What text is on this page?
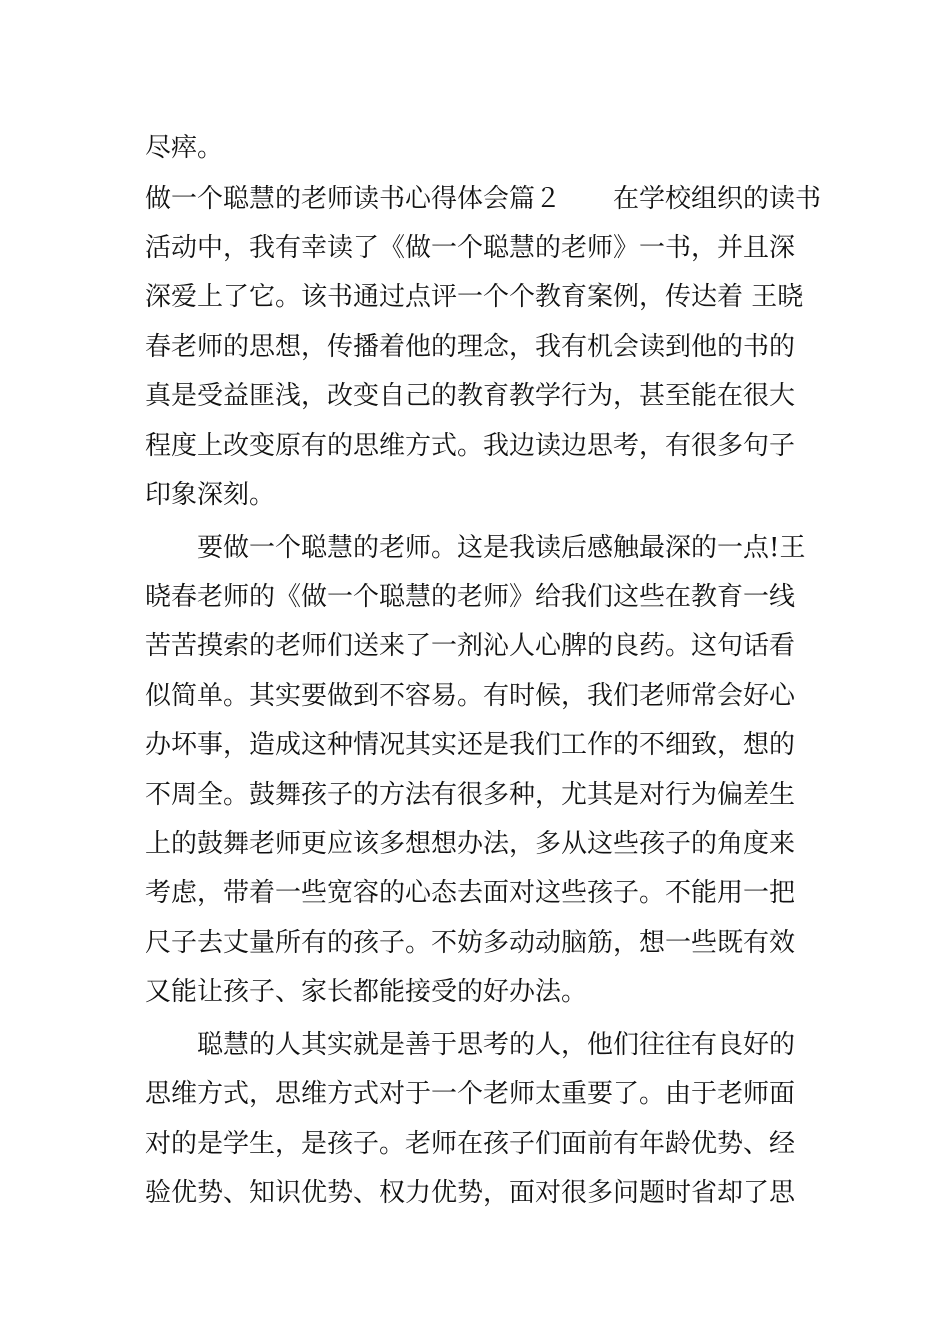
尽瘁。
做一个聪慧的老师读书心得体会篇２　　在学校组织的读书
活动中，我有幸读了《做一个聪慧的老师》一书，并且深
深爱上了它。该书通过点评一个个教育案例，传达着 王晓
春老师的思想，传播着他的理念，我有机会读到他的书的
真是受益匪浅，改变自己的教育教学行为，甚至能在很大
程度上改变原有的思维方式。我边读边思考，有很多句子
印象深刻。
　　要做一个聪慧的老师。这是我读后感触最深的一点!王
晓春老师的《做一个聪慧的老师》给我们这些在教育一线
苦苦摸索的老师们送来了一剂沁人心脾的良药。这句话看
似简单。其实要做到不容易。有时候，我们老师常会好心
办坏事，造成这种情况其实还是我们工作的不细致，想的
不周全。鼓舞孩子的方法有很多种，尤其是对行为偏差生
上的鼓舞老师更应该多想想办法，多从这些孩子的角度来
考虑，带着一些宽容的心态去面对这些孩子。不能用一把
尺子去丈量所有的孩子。不妨多动动脑筋，想一些既有效
又能让孩子、家长都能接受的好办法。
　　聪慧的人其实就是善于思考的人，他们往往有良好的
思维方式，思维方式对于一个老师太重要了。由于老师面
对的是学生，是孩子。老师在孩子们面前有年龄优势、经
验优势、知识优势、权力优势，面对很多问题时省却了思
